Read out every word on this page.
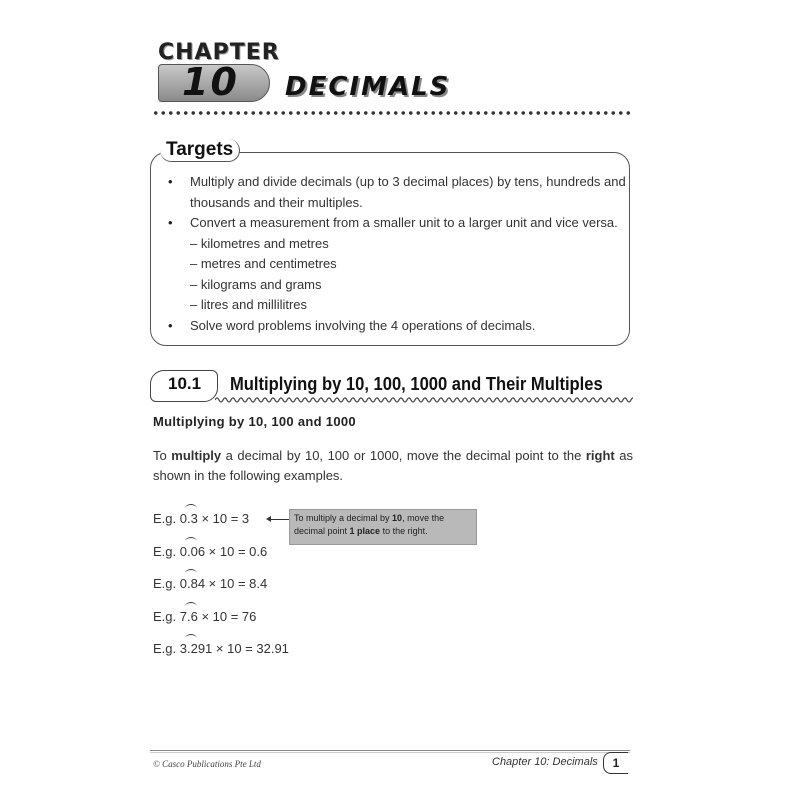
CHAPTER
10 DECIMALS
Targets
• Multiply and divide decimals (up to 3 decimal places) by tens, hundreds and
thousands and their multiples.
• Convert a measurement from a smaller unit to a larger unit and vice versa.
– kilometres and metres
– metres and centimetres
– kilograms and grams
– litres and millilitres
• Solve word problems involving the 4 operations of decimals.
10.1 Multiplying by 10, 100, 1000 and Their Multiples
Multiplying by 10, 100 and 1000
To multiply a decimal by 10, 100 or 1000, move the decimal point to the right as shown in the following examples.
E.g. 0.3 × 10 = 3
E.g. 0.06 × 10 = 0.6
E.g. 0.84 × 10 = 8.4
E.g. 7.6 × 10 = 76
E.g. 3.291 × 10 = 32.91
To multiply a decimal by 10, move the decimal point 1 place to the right.
© Casco Publications Pte Ltd	Chapter 10: Decimals	1
